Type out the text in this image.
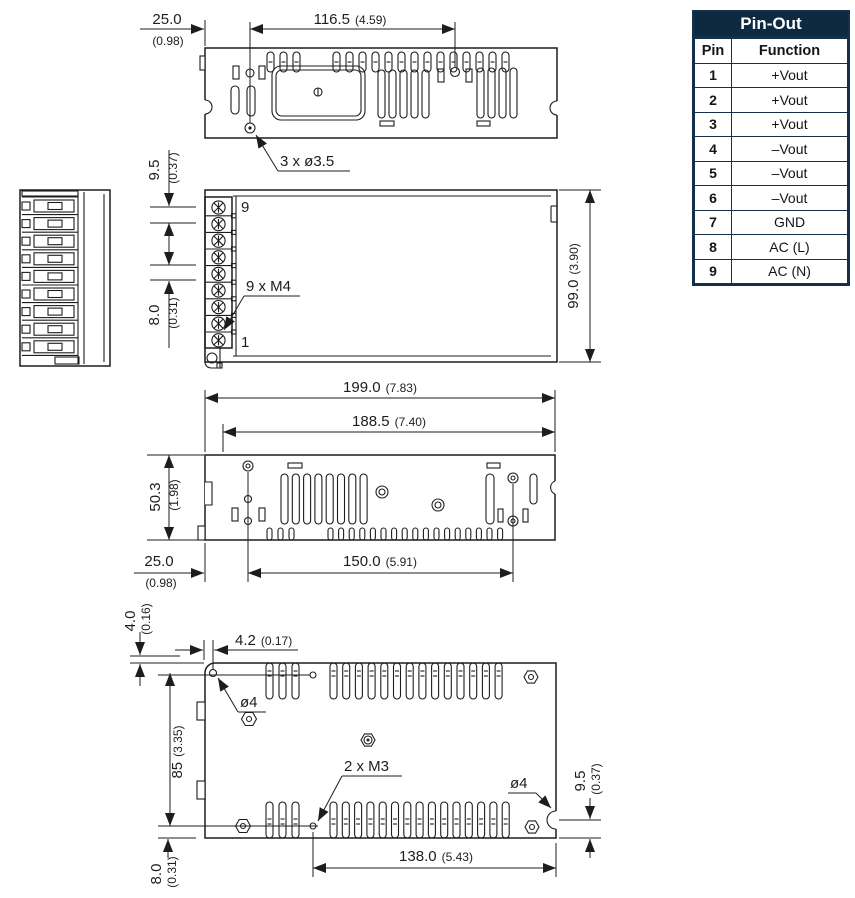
25.0
(0.98)
116.5 (4.59)
3 x ø3.5
9
1
9 x M4
9.5 (0.37)
8.0 (0.31)
99.0(3.90)
199.0 (7.83)
188.5 (7.40)
50.3 (1.98)
25.0
(0.98)
150.0 (5.91)
4.0 (0.16)
4.2 (0.17)
ø4
85(3.35)
8.0 (0.31)
2 x M3
ø4	9.5 (0.37)
138.0 (5.43)
Pin-Out
Pin	Function
1	+Vout
2	+Vout
3	+Vout
4	–Vout
5	–Vout
6	–Vout
7	GND
8	AC (L)
9	AC (N)
